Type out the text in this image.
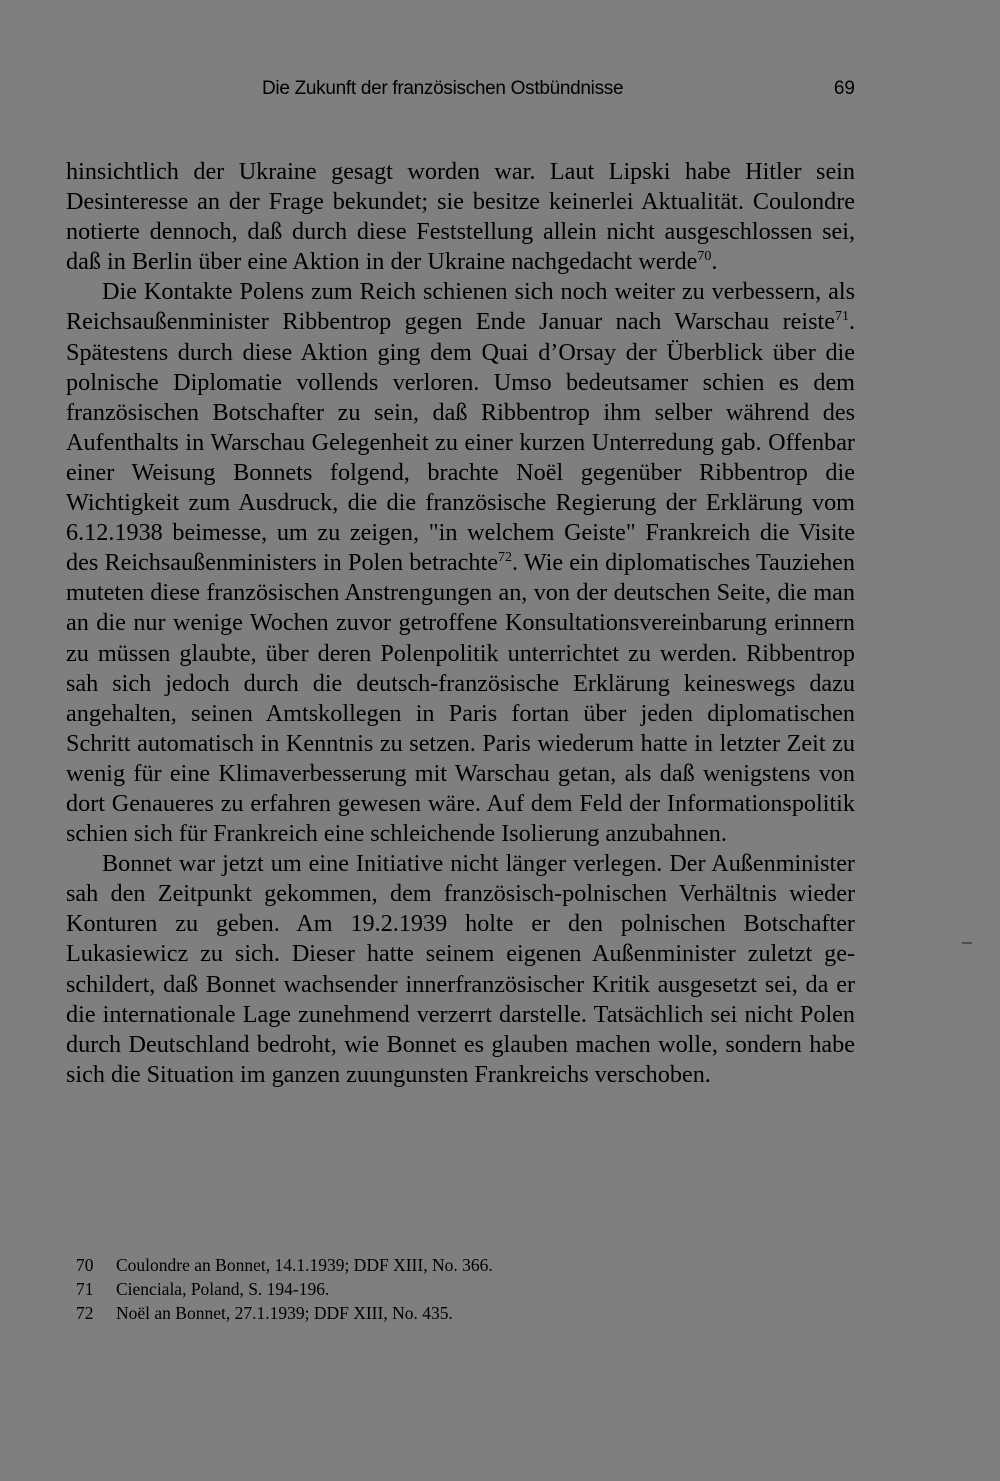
Die Zukunft der französischen Ostbündnisse	69

hinsichtlich der Ukraine gesagt worden war. Laut Lipski habe Hitler sein Desinteresse an der Frage bekundet; sie besitze keinerlei Aktualität. Coulondre notierte dennoch, daß durch diese Feststellung allein nicht ausgeschlossen sei, daß in Berlin über eine Aktion in der Ukraine nachgedacht werde$^{70}$.

Die Kontakte Polens zum Reich schienen sich noch weiter zu verbessern, als Reichsaußenminister Ribbentrop gegen Ende Januar nach Warschau reiste$^{71}$. Spätestens durch diese Aktion ging dem Quai d’Orsay der Überblick über die polnische Diplomatie vollends verloren. Umso bedeutsamer schien es dem französischen Botschafter zu sein, daß Ribbentrop ihm selber während des Aufenthalts in Warschau Gelegenheit zu einer kurzen Unterredung gab. Offenbar einer Weisung Bonnets folgend, brachte Noël gegenüber Ribbentrop die Wichtigkeit zum Ausdruck, die die französische Regierung der Erklärung vom 6.12.1938 beimesse, um zu zeigen, "in welchem Geiste" Frankreich die Visite des Reichsaußenministers in Polen betrachte$^{72}$. Wie ein diplomatisches Tauziehen muteten diese französischen Anstrengungen an, von der deutschen Seite, die man an die nur wenige Wochen zuvor getroffene Konsultationsvereinbarung erinnern zu müssen glaubte, über deren Polenpolitik unterrichtet zu werden. Ribbentrop sah sich jedoch durch die deutsch-französische Erklärung keineswegs dazu angehalten, seinen Amtskollegen in Paris fortan über jeden diplomatischen Schritt automatisch in Kenntnis zu setzen. Paris wiederum hatte in letzter Zeit zu wenig für eine Klimaverbesserung mit Warschau getan, als daß wenigstens von dort Genaueres zu erfahren gewesen wäre. Auf dem Feld der Informationspolitik schien sich für Frankreich eine schleichende Isolierung anzubahnen.

Bonnet war jetzt um eine Initiative nicht länger verlegen. Der Außenminister sah den Zeitpunkt gekommen, dem französisch-polnischen Verhältnis wieder Konturen zu geben. Am 19.2.1939 holte er den polnischen Botschafter Lukasiewicz zu sich. Dieser hatte seinem eigenen Außenminister zuletzt geschildert, daß Bonnet wachsender innerfranzösischer Kritik ausgesetzt sei, da er die internationale Lage zunehmend verzerrt darstelle. Tatsächlich sei nicht Polen durch Deutschland bedroht, wie Bonnet es glauben machen wolle, sondern habe sich die Situation im ganzen zuungunsten Frankreichs verschoben.

70	Coulondre an Bonnet, 14.1.1939; DDF XIII, No. 366.
71	Cienciala, Poland, S. 194-196.
72	Noël an Bonnet, 27.1.1939; DDF XIII, No. 435.
